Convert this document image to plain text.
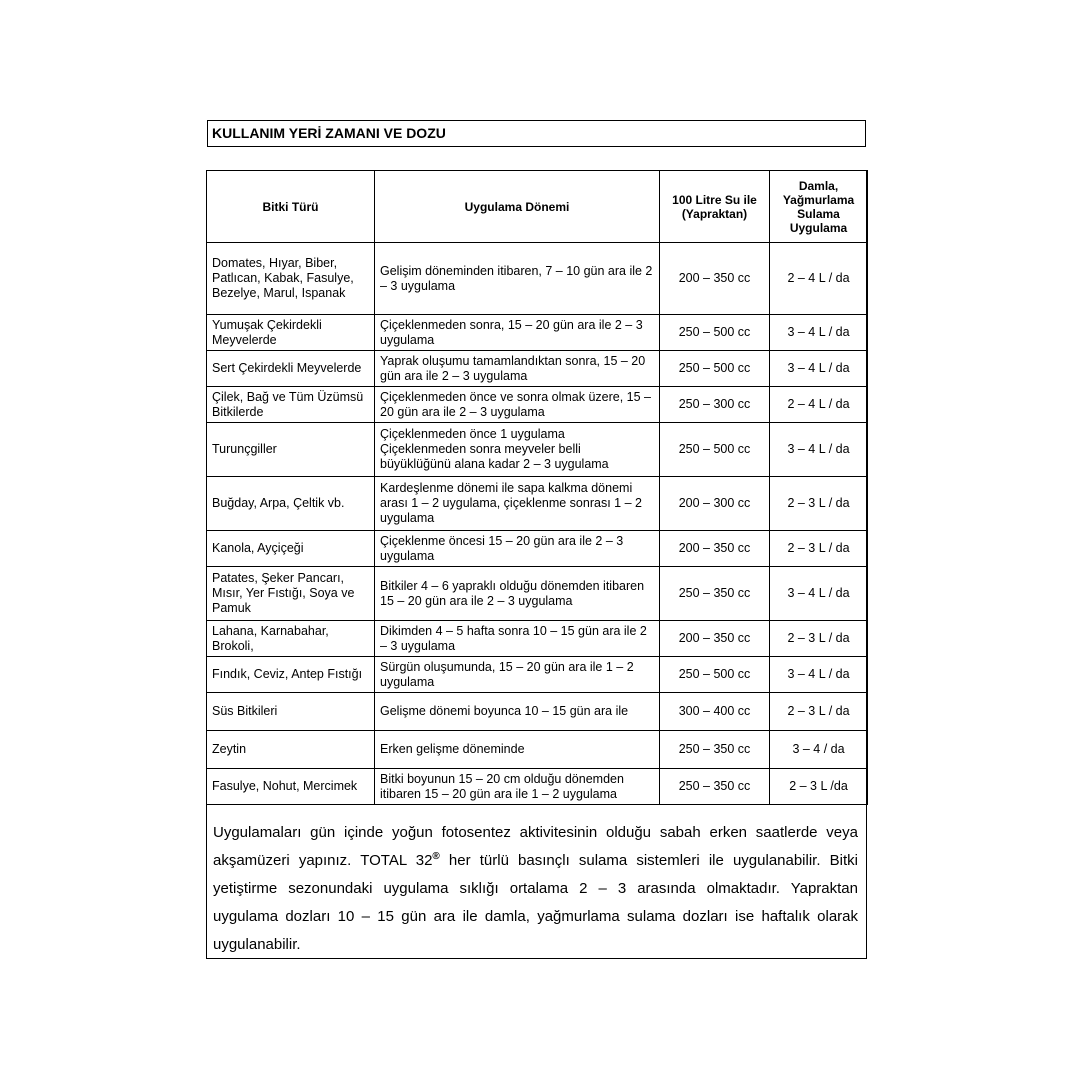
KULLANIM YERİ ZAMANI VE DOZU
Bitki Türü	Uygulama Dönemi	100 Litre Su ile (Yapraktan)	Damla, Yağmurlama Sulama Uygulama
Domates, Hıyar, Biber, Patlıcan, Kabak, Fasulye, Bezelye, Marul, Ispanak	Gelişim döneminden itibaren, 7 – 10 gün ara ile 2 – 3 uygulama	200 – 350 cc	2 – 4 L / da
Yumuşak Çekirdekli Meyvelerde	Çiçeklenmeden sonra, 15 – 20 gün ara ile 2 – 3 uygulama	250 – 500 cc	3 – 4 L / da
Sert Çekirdekli Meyvelerde	Yaprak oluşumu tamamlandıktan sonra, 15 – 20 gün ara ile 2 – 3 uygulama	250 – 500 cc	3 – 4 L / da
Çilek, Bağ ve Tüm Üzümsü Bitkilerde	Çiçeklenmeden önce ve sonra olmak üzere, 15 – 20 gün ara ile 2 – 3 uygulama	250 – 300 cc	2 – 4 L / da
Turunçgiller	Çiçeklenmeden önce 1 uygulama Çiçeklenmeden sonra meyveler belli büyüklüğünü alana kadar 2 – 3 uygulama	250 – 500 cc	3 – 4 L / da
Buğday, Arpa, Çeltik vb.	Kardeşlenme dönemi ile sapa kalkma dönemi arası 1 – 2 uygulama, çiçeklenme sonrası 1 – 2 uygulama	200 – 300 cc	2 – 3 L / da
Kanola, Ayçiçeği	Çiçeklenme öncesi 15 – 20 gün ara ile 2 – 3 uygulama	200 – 350 cc	2 – 3 L / da
Patates, Şeker Pancarı, Mısır, Yer Fıstığı, Soya ve Pamuk	Bitkiler 4 – 6 yapraklı olduğu dönemden itibaren 15 – 20 gün ara ile 2 – 3 uygulama	250 – 350 cc	3 – 4 L / da
Lahana, Karnabahar, Brokoli,	Dikimden 4 – 5 hafta sonra 10 – 15 gün ara ile 2 – 3 uygulama	200 – 350 cc	2 – 3 L / da
Fındık, Ceviz, Antep Fıstığı	Sürgün oluşumunda, 15 – 20 gün ara ile 1 – 2 uygulama	250 – 500 cc	3 – 4 L / da
Süs Bitkileri	Gelişme dönemi boyunca 10 – 15 gün ara ile	300 – 400 cc	2 – 3 L / da
Zeytin	Erken gelişme döneminde	250 – 350 cc	3 – 4 / da
Fasulye, Nohut, Mercimek	Bitki boyunun 15 – 20 cm olduğu dönemden itibaren 15 – 20 gün ara ile 1 – 2 uygulama	250 – 350 cc	2 – 3 L /da

Uygulamaları gün içinde yoğun fotosentez aktivitesinin olduğu sabah erken saatlerde veya akşamüzeri yapınız. TOTAL 32® her türlü basınçlı sulama sistemleri ile uygulanabilir. Bitki yetiştirme sezonundaki uygulama sıklığı ortalama 2 – 3 arasında olmaktadır. Yapraktan uygulama dozları 10 – 15 gün ara ile damla, yağmurlama sulama dozları ise haftalık olarak uygulanabilir.
